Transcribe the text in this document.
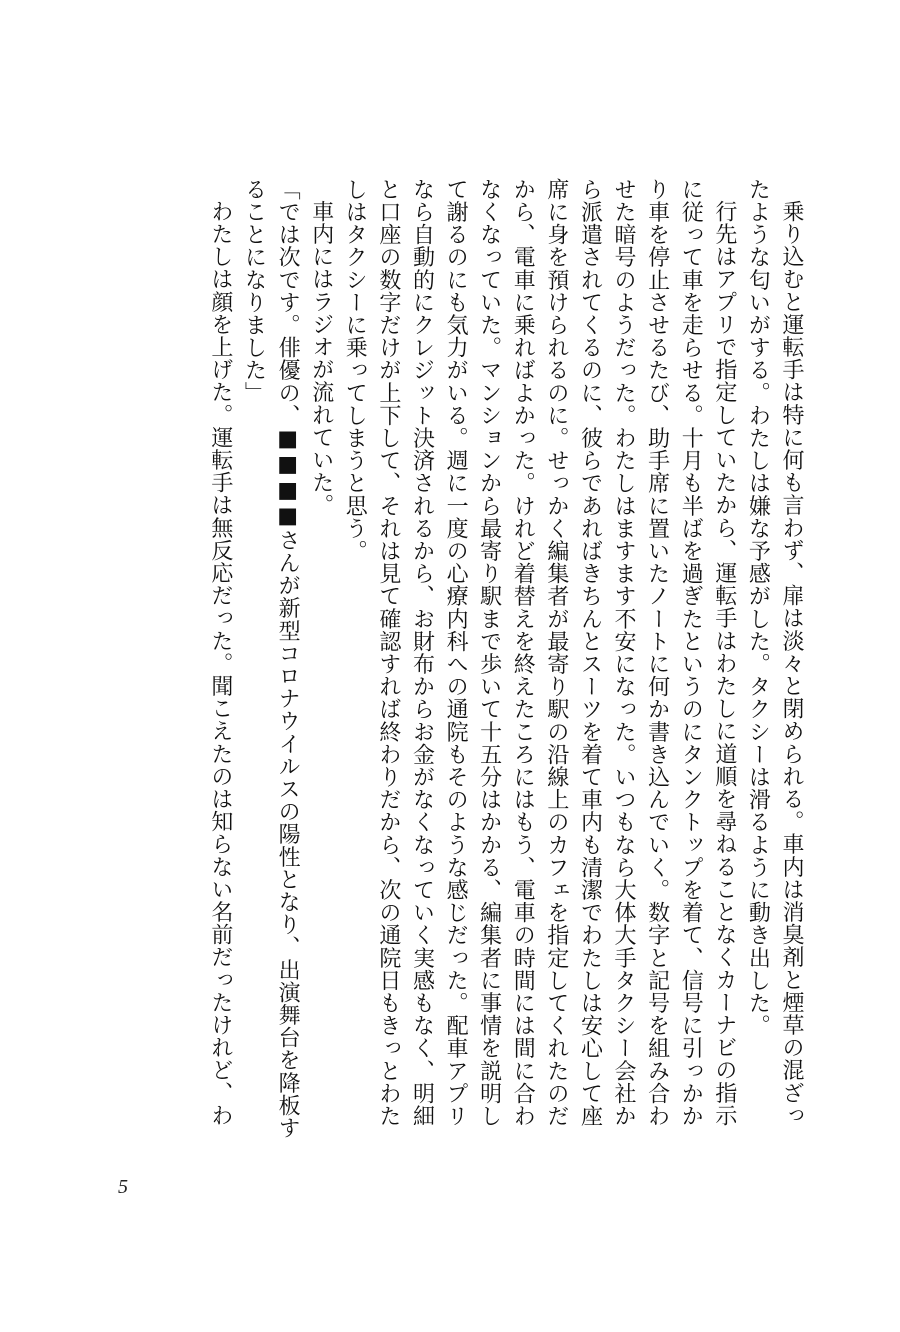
乗り込むと運転手は特に何も言わず、扉は淡々と閉められる。車内は消臭剤と煙草の混ざったような匂いがする。わたしは嫌な予感がした。タクシーは滑るように動き出した。

行先はアプリで指定していたから、運転手はわたしに道順を尋ねることなくカーナビの指示に従って車を走らせる。十月も半ばを過ぎたというのにタンクトップを着て、信号に引っかかり車を停止させるたび、助手席に置いたノートに何か書き込んでいく。数字と記号を組み合わせた暗号のようだった。わたしはますます不安になった。いつもなら大体大手タクシー会社から派遣されてくるのに、彼らであればきちんとスーツを着て車内も清潔でわたしは安心して座席に身を預けられるのに。せっかく編集者が最寄り駅の沿線上のカフェを指定してくれたのだから、電車に乗ればよかった。けれど着替えを終えたころにはもう、電車の時間には間に合わなくなっていた。マンションから最寄り駅まで歩いて十五分はかかる、編集者に事情を説明して謝るのにも気力がいる。週に一度の心療内科への通院もそのような感じだった。配車アプリなら自動的にクレジット決済されるから、お財布からお金がなくなっていく実感もなく、明細と口座の数字だけが上下して、それは見て確認すれば終わりだから、次の通院日もきっとわたしはタクシーに乗ってしまうと思う。

車内にはラジオが流れていた。

「では次です。俳優の、■■■■さんが新型コロナウイルスの陽性となり、出演舞台を降板することになりました」

わたしは顔を上げた。運転手は無反応だった。聞こえたのは知らない名前だったけれど、わ

5
